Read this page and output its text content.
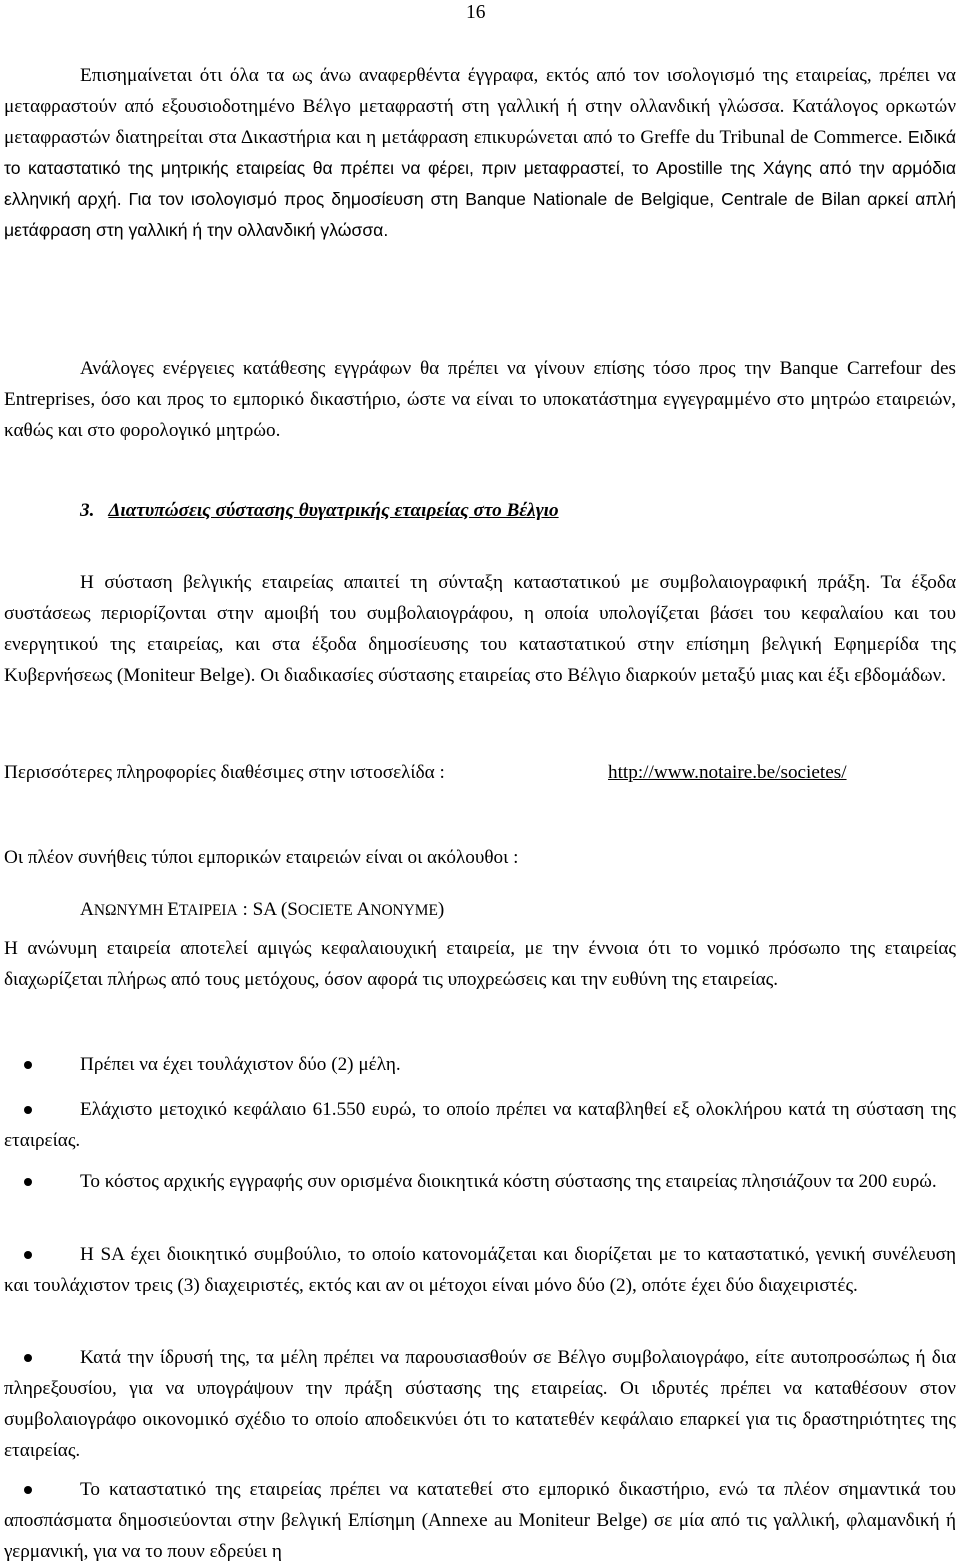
16
Επισημαίνεται ότι όλα τα ως άνω αναφερθέντα έγγραφα, εκτός από τον ισολογισμό της εταιρείας, πρέπει να μεταφραστούν από εξουσιοδοτημένο Βέλγο μεταφραστή στη γαλλική ή στην ολλανδική γλώσσα. Κατάλογος ορκωτών μεταφραστών διατηρείται στα Δικαστήρια και η μετάφραση επικυρώνεται από το Greffe du Tribunal de Commerce. Ειδικά το καταστατικό της μητρικής εταιρείας θα πρέπει να φέρει, πριν μεταφραστεί, το Apostille της Χάγης από την αρμόδια ελληνική αρχή. Για τον ισολογισμό προς δημοσίευση στη Banque Nationale de Belgique, Centrale de Bilan αρκεί απλή μετάφραση στη γαλλική ή την ολλανδική γλώσσα.
Ανάλογες ενέργειες κατάθεσης εγγράφων θα πρέπει να γίνουν επίσης τόσο προς την Banque Carrefour des Entreprises, όσο και προς το εμπορικό δικαστήριο, ώστε να είναι το υποκατάστημα εγγεγραμμένο στο μητρώο εταιρειών, καθώς και στο φορολογικό μητρώο.
3. Διατυπώσεις σύστασης θυγατρικής εταιρείας στο Βέλγιο
Η σύσταση βελγικής εταιρείας απαιτεί τη σύνταξη καταστατικού με συμβολαιογραφική πράξη. Τα έξοδα συστάσεως περιορίζονται στην αμοιβή του συμβολαιογράφου, η οποία υπολογίζεται βάσει του κεφαλαίου και του ενεργητικού της εταιρείας, και στα έξοδα δημοσίευσης του καταστατικού στην επίσημη βελγική Εφημερίδα της Κυβερνήσεως (Moniteur Belge). Οι διαδικασίες σύστασης εταιρείας στο Βέλγιο διαρκούν μεταξύ μιας και έξι εβδομάδων.
Περισσότερες πληροφορίες διαθέσιμες στην ιστοσελίδα :	http://www.notaire.be/societes/
Οι πλέον συνήθεις τύποι εμπορικών εταιρειών είναι οι ακόλουθοι :
ΑΝΩΝΥΜΗ ΕΤΑΙΡΕΙΑ : SA (SOCIETE ANONYME)
Η ανώνυμη εταιρεία αποτελεί αμιγώς κεφαλαιουχική εταιρεία, με την έννοια ότι το νομικό πρόσωπο της εταιρείας διαχωρίζεται πλήρως από τους μετόχους, όσον αφορά τις υποχρεώσεις και την ευθύνη της εταιρείας.
Πρέπει να έχει τουλάχιστον δύο (2) μέλη.
Ελάχιστο μετοχικό κεφάλαιο 61.550 ευρώ, το οποίο πρέπει να καταβληθεί εξ ολοκλήρου κατά τη σύσταση της εταιρείας.
Το κόστος αρχικής εγγραφής συν ορισμένα διοικητικά κόστη σύστασης της εταιρείας πλησιάζουν τα 200 ευρώ.
Η SA έχει διοικητικό συμβούλιο, το οποίο κατονομάζεται και διορίζεται με το καταστατικό, γενική συνέλευση και τουλάχιστον τρεις (3) διαχειριστές, εκτός και αν οι μέτοχοι είναι μόνο δύο (2), οπότε έχει δύο διαχειριστές.
Κατά την ίδρυσή της, τα μέλη πρέπει να παρουσιασθούν σε Βέλγο συμβολαιογράφο, είτε αυτοπροσώπως ή δια πληρεξουσίου, για να υπογράψουν την πράξη σύστασης της εταιρείας. Οι ιδρυτές πρέπει να καταθέσουν στον συμβολαιογράφο οικονομικό σχέδιο το οποίο αποδεικνύει ότι το κατατεθέν κεφάλαιο επαρκεί για τις δραστηριότητες της εταιρείας.
Το καταστατικό της εταιρείας πρέπει να κατατεθεί στο εμπορικό δικαστήριο, ενώ τα πλέον σημαντικά του αποσπάσματα δημοσιεύονται στην βελγική Επίσημη (Annexe au Moniteur Belge) σε μία από τις γαλλική, φλαμανδική ή γερμανική, για να το πουν εδρεύει η
